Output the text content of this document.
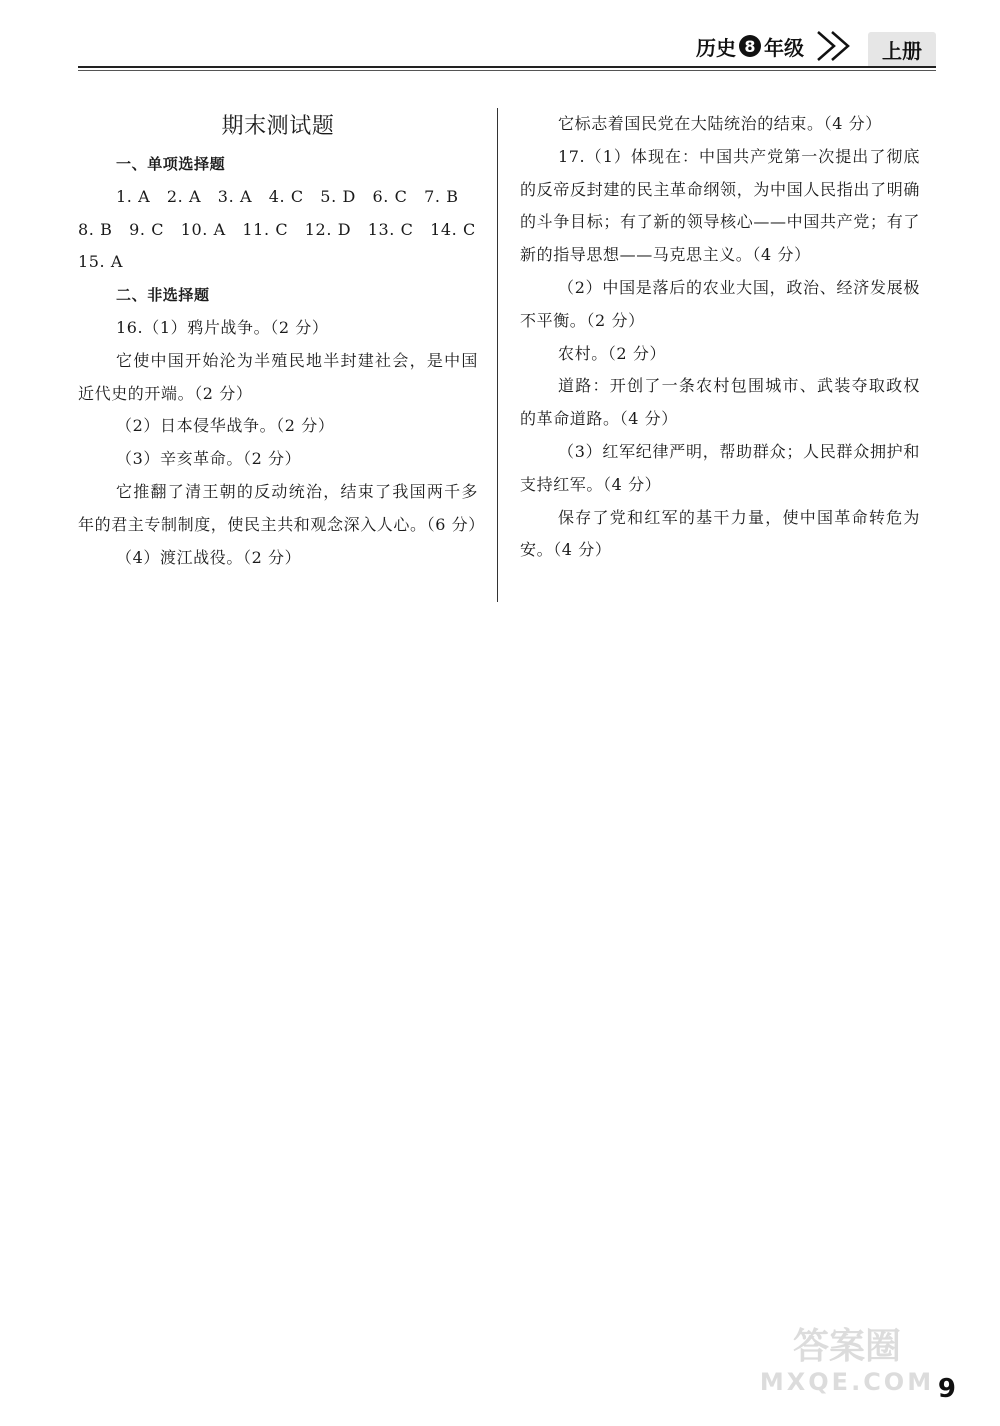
历史 8 年级	上册
期末测试题
一、单项选择题
1. A　2. A　3. A　4. C　5. D　6. C　7. B
8. B　9. C　10. A　11. C　12. D　13. C　14. C
15. A
二、非选择题
16.（1）鸦片战争。（2 分）
它使中国开始沦为半殖民地半封建社会，是中国近代史的开端。（2 分）
（2）日本侵华战争。（2 分）
（3）辛亥革命。（2 分）
它推翻了清王朝的反动统治，结束了我国两千多年的君主专制制度，使民主共和观念深入人心。（6 分）
（4）渡江战役。（2 分）
它标志着国民党在大陆统治的结束。（4 分）
17.（1）体现在：中国共产党第一次提出了彻底的反帝反封建的民主革命纲领，为中国人民指出了明确的斗争目标；有了新的领导核心——中国共产党；有了新的指导思想——马克思主义。（4 分）
（2）中国是落后的农业大国，政治、经济发展极不平衡。（2 分）
农村。（2 分）
道路：开创了一条农村包围城市、武装夺取政权的革命道路。（4 分）
（3）红军纪律严明，帮助群众；人民群众拥护和支持红军。（4 分）
保存了党和红军的基干力量，使中国革命转危为安。（4 分）
答案圈
MXQE.COM 9
